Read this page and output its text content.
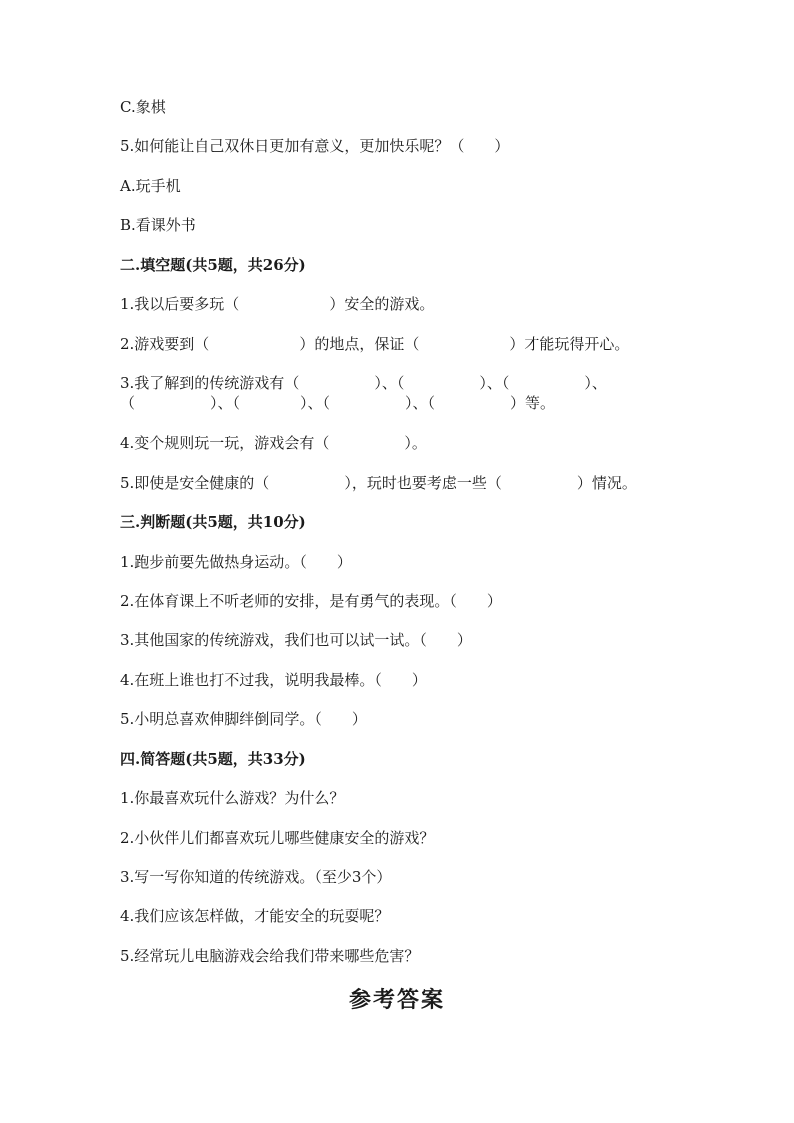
C.象棋
5.如何能让自己双休日更加有意义，更加快乐呢？（　　）
A.玩手机
B.看课外书
二.填空题(共5题，共26分)
1.我以后要多玩（　　　　　　）安全的游戏。
2.游戏要到（　　　　　　）的地点，保证（　　　　　　）才能玩得开心。
3.我了解到的传统游戏有（　　　　　）、（　　　　　）、（　　　　　）、
（　　　　　）、（　　　　）、（　　　　　）、（　　　　　）等。
4.变个规则玩一玩，游戏会有（　　　　　）。
5.即使是安全健康的（　　　　　），玩时也要考虑一些（　　　　　）情况。
三.判断题(共5题，共10分)
1.跑步前要先做热身运动。（　　）
2.在体育课上不听老师的安排，是有勇气的表现。（　　）
3.其他国家的传统游戏，我们也可以试一试。（　　）
4.在班上谁也打不过我，说明我最棒。（　　）
5.小明总喜欢伸脚绊倒同学。（　　）
四.简答题(共5题，共33分)
1.你最喜欢玩什么游戏？为什么？
2.小伙伴儿们都喜欢玩儿哪些健康安全的游戏？
3.写一写你知道的传统游戏。（至少3个）
4.我们应该怎样做，才能安全的玩耍呢？
5.经常玩儿电脑游戏会给我们带来哪些危害？
参考答案
